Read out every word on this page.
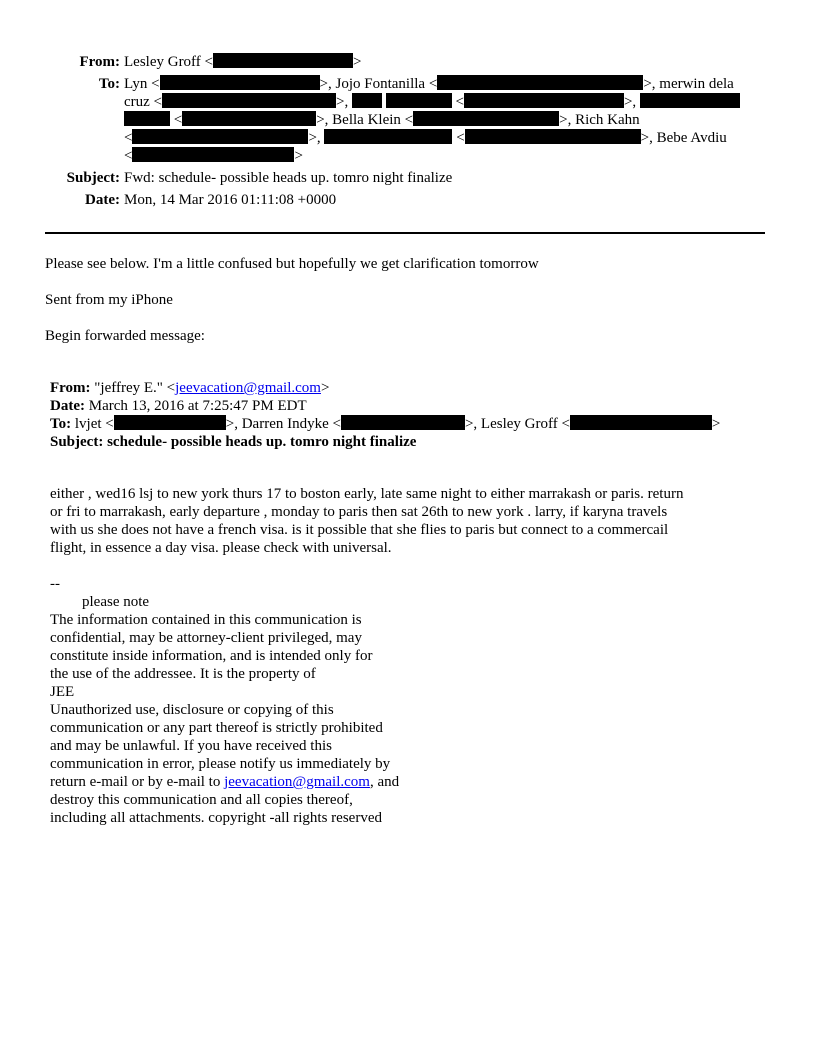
From: Lesley Groff <	>
To: Lyn <	>, Jojo Fontanilla <	>, merwin dela
cruz <	>,	<	>,
<	>, Bella Klein <	>, Rich Kahn
<	>,	<	>, Bebe Avdiu
<	>
Subject: Fwd: schedule- possible heads up. tomro night finalize
Date: Mon, 14 Mar 2016 01:11:08 +0000
Please see below. I'm a little confused but hopefully we get clarification tomorrow
Sent from my iPhone
Begin forwarded message:
From: "jeffrey E." <jeevacation@gmail.com>
Date: March 13, 2016 at 7:25:47 PM EDT
To: lvjet <	>, Darren Indyke <	>, Lesley Groff <	>
Subject: schedule- possible heads up. tomro night finalize
either , wed16 lsj to new york thurs 17 to boston early, late same night to either marrakash or paris. return
or fri to marrakash, early departure , monday to paris then sat 26th to new york . larry, if karyna travels
with us she does not have a french visa. is it possible that she flies to paris but connect to a commercail
flight, in essence a day visa. please check with universal.
--
please note
The information contained in this communication is
confidential, may be attorney-client privileged, may
constitute inside information, and is intended only for
the use of the addressee. It is the property of
JEE
Unauthorized use, disclosure or copying of this
communication or any part thereof is strictly prohibited
and may be unlawful. If you have received this
communication in error, please notify us immediately by
return e-mail or by e-mail to jeevacation@gmail.com, and
destroy this communication and all copies thereof,
including all attachments. copyright -all rights reserved
